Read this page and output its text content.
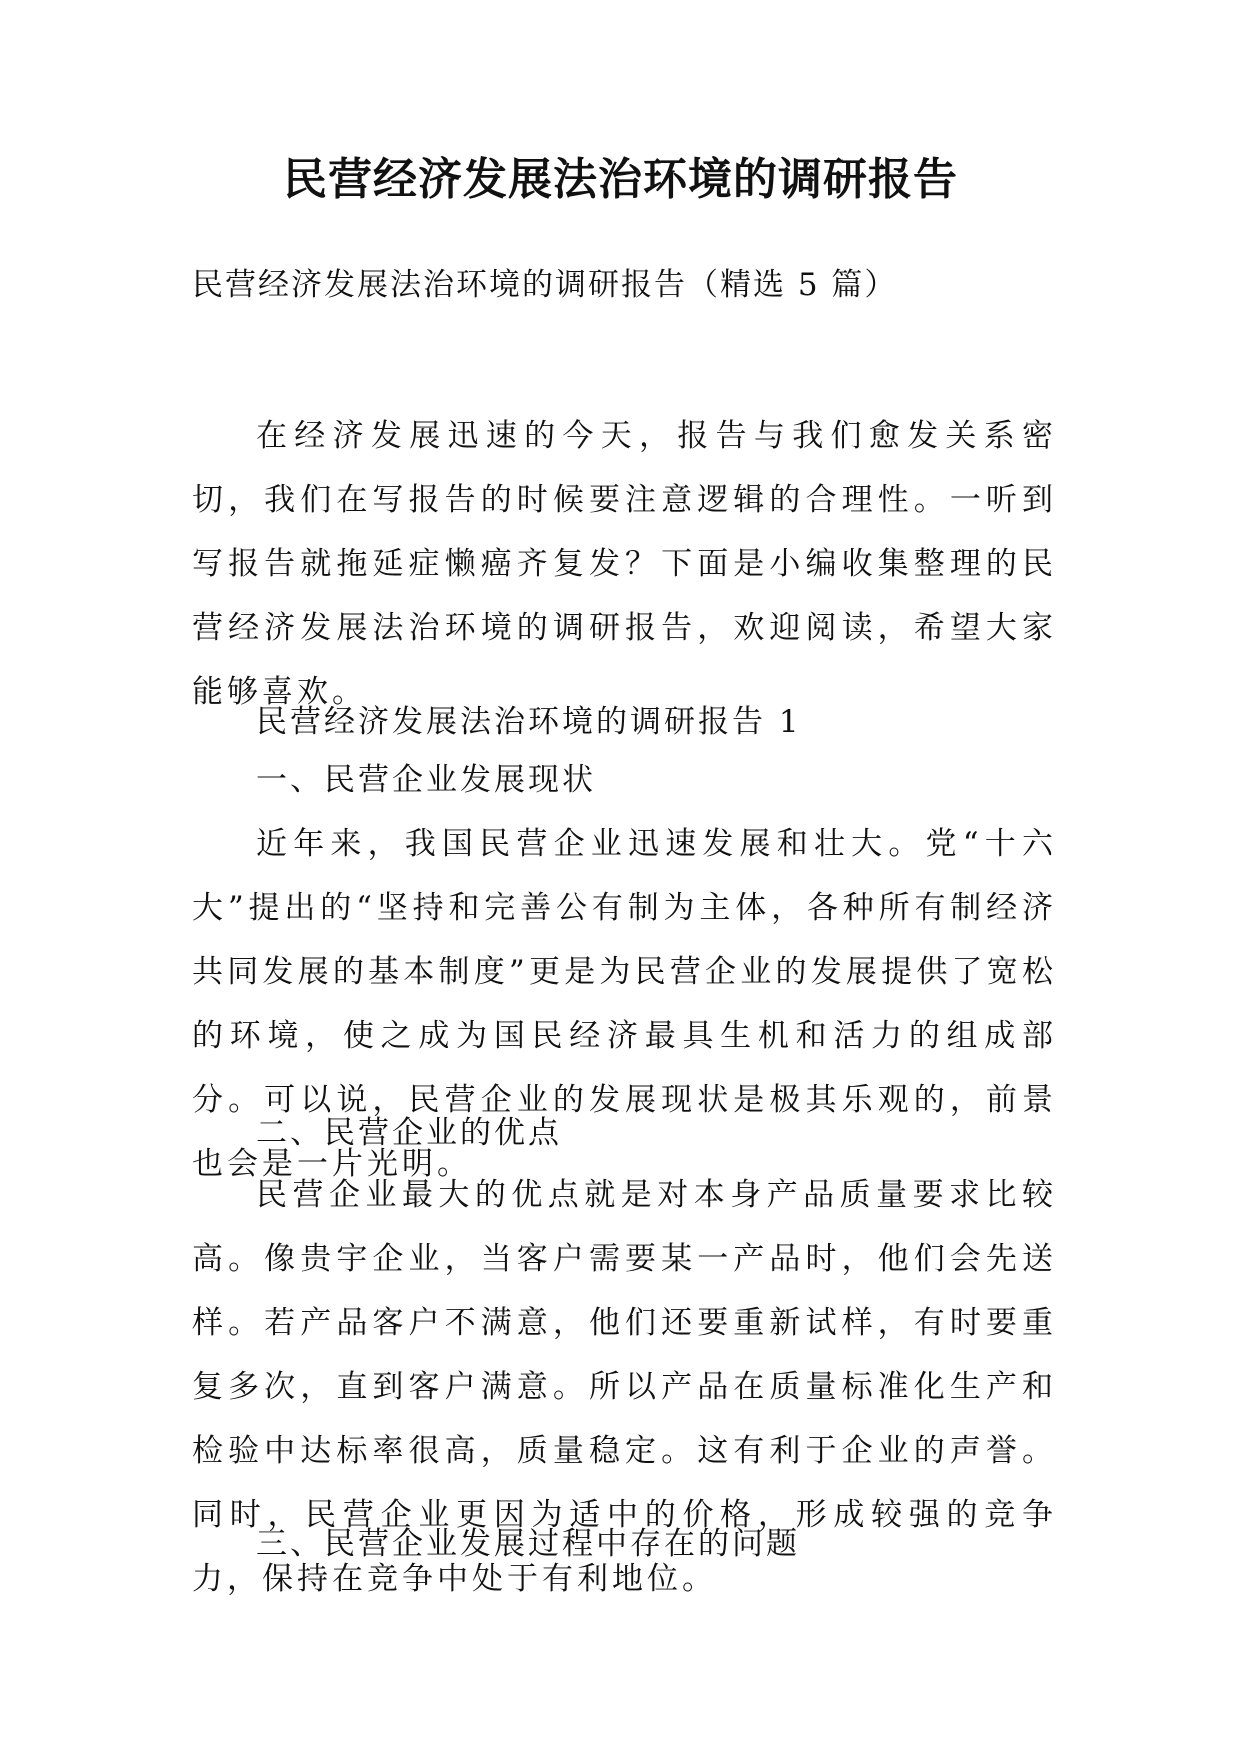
民营经济发展法治环境的调研报告
民营经济发展法治环境的调研报告（精选 5 篇）

在经济发展迅速的今天，报告与我们愈发关系密切，我们在写报告的时候要注意逻辑的合理性。一听到写报告就拖延症懒癌齐复发？下面是小编收集整理的民营经济发展法治环境的调研报告，欢迎阅读，希望大家能够喜欢。

民营经济发展法治环境的调研报告 1
一、民营企业发展现状

近年来，我国民营企业迅速发展和壮大。党“十六大”提出的“坚持和完善公有制为主体，各种所有制经济共同发展的基本制度”更是为民营企业的发展提供了宽松的环境，使之成为国民经济最具生机和活力的组成部分。可以说，民营企业的发展现状是极其乐观的，前景也会是一片光明。

二、民营企业的优点

民营企业最大的优点就是对本身产品质量要求比较高。像贵宇企业，当客户需要某一产品时，他们会先送样。若产品客户不满意，他们还要重新试样，有时要重复多次，直到客户满意。所以产品在质量标准化生产和检验中达标率很高，质量稳定。这有利于企业的声誉。同时，民营企业更因为适中的价格，形成较强的竞争力，保持在竞争中处于有利地位。

三、民营企业发展过程中存在的问题
